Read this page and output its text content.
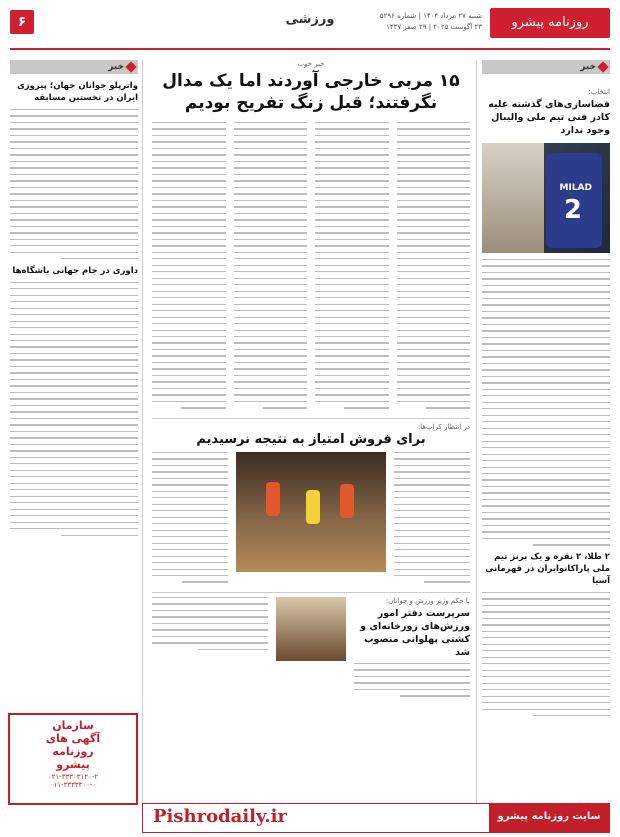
۶	ورزشی	روزنامه پیشرو
شنبه ۲۷ مرداد ۱۴۰۴ | شماره ۵۲۹۶
۲۳ آگوست ۲۰۲۵ | ۲۹ صفر ۱۴۴۷
خبر
انتخاب؛
فضاسازی‌های گذشته علیه کادر فنی تیم ملی والیبال وجود ندارد
MILAD
2
۲ طلا، ۲ نقره و یک برنز تیم ملی پاراکانوایران در قهرمانی آسیا
خبر خوب
۱۵ مربی خارجی آوردند اما یک مدال نگرفتند؛ قبل زنگ تفریح بودیم
در انتظار کراپ‌ها:
برای فروش امتیاز به نتیجه نرسیدیم
با حکم وزیر ورزش و جوانان:
سرپرست دفتر امور ورزش‌های زورخانه‌ای و کشتی پهلوانی منصوب شد
خبر
واترپلو جوانان جهان؛ پیروزی ایران در نخستین مسابقه
داوری در جام جهانی باشگاه‌ها
سازمان
آگهی های
روزنامه
پیشرو
۰۲۱-۳۳۳۰۳۱۲۰-۲
۰۱۱-۳۳۳۳۳۰۰-۰
Pishrodaily.ir	سایت روزنامه پیشرو
